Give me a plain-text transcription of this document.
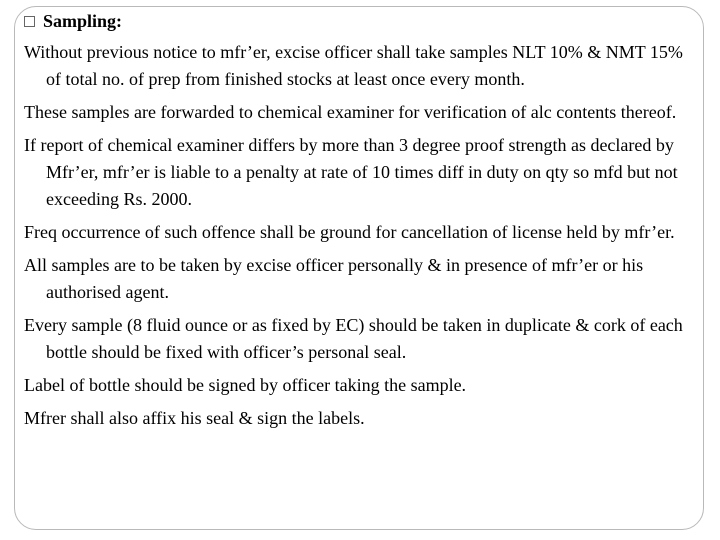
Sampling:

Without previous notice to mfr’er, excise officer shall take samples NLT 10% & NMT 15% of total no. of prep from finished stocks at least once every month.

These samples are forwarded to chemical examiner for verification of alc contents thereof.

If report of chemical examiner differs by more than 3 degree proof strength as declared by Mfr’er, mfr’er is liable to a penalty at rate of 10 times diff in duty on qty so mfd but not exceeding Rs. 2000.

Freq occurrence of such offence shall be ground for cancellation of license held by mfr’er.

All samples are to be taken by excise officer personally & in presence of mfr’er or his authorised agent.

Every sample (8 fluid ounce or as fixed by EC) should be taken in duplicate & cork of each bottle should be fixed with officer’s personal seal.

Label of bottle should be signed by officer taking the sample.

Mfrer shall also affix his seal & sign the labels.
